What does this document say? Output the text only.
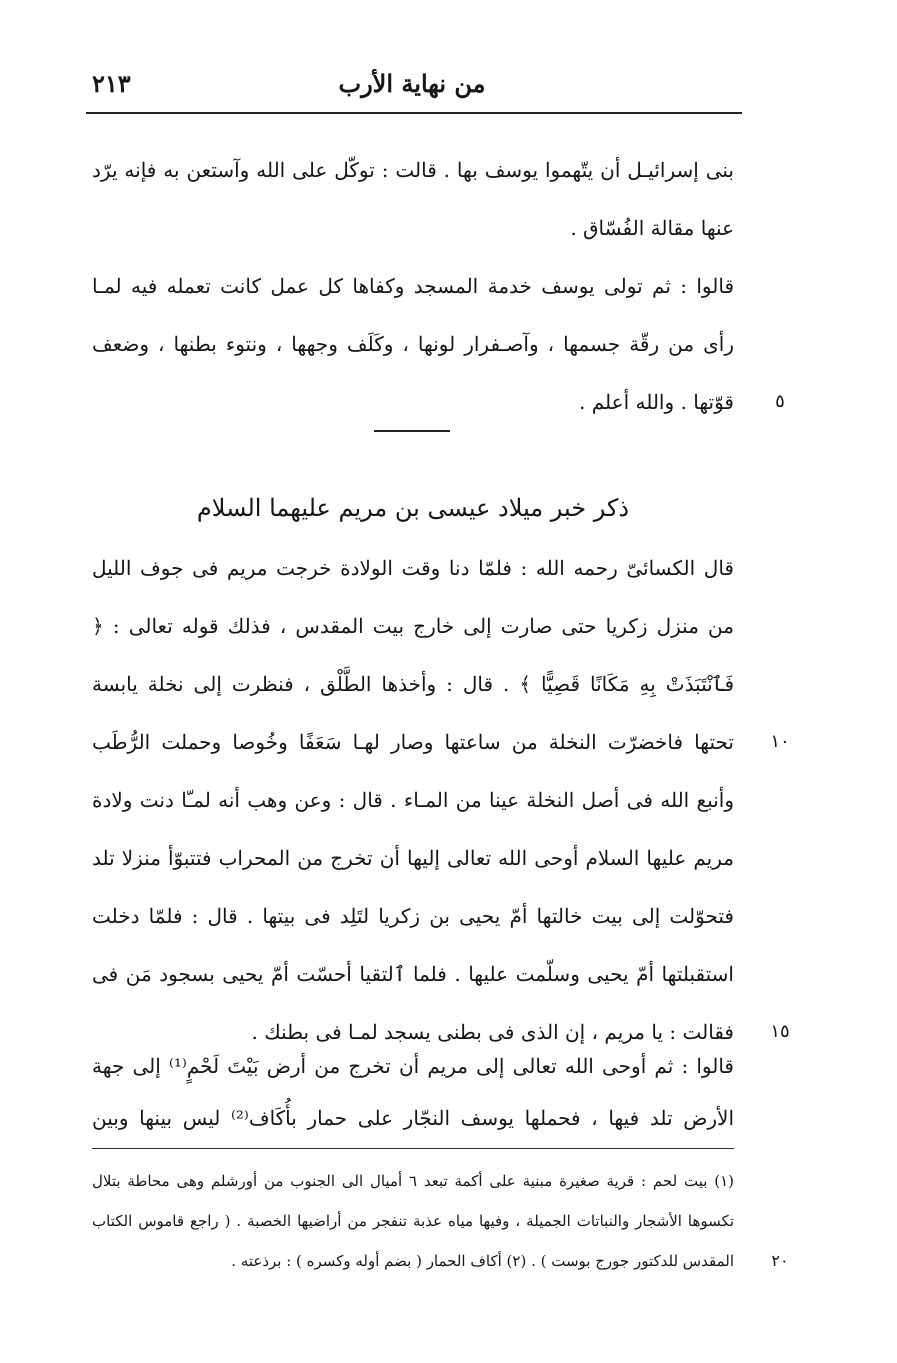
من نهاية الأرب
٢١٣
بنى إسرائيـل أن يتّهموا يوسف بها . قالت : توكّل على الله وآستعن به فإنه يرّد
عنها مقالة الفُسّاق .
قالوا : ثم تولى يوسف خدمة المسجد وكفاها كل عمل كانت تعمله فيه لمـا
رأى من رقّة جسمها ، وآصـفرار لونها ، وكَلَف وجهها ، ونتوء بطنها ، وضعف
قوّتها . والله أعلم .	٥
ذكر خبر ميلاد عيسى بن مريم عليهما السلام
قال الكسائىّ رحمه الله : فلمّا دنا وقت الولادة خرجت مريم فى جوف الليل
من منزل زكريا حتى صارت إلى خارج بيت المقدس ، فذلك قوله تعالى : ﴿
فَٱنْتَبَذَتْ بِهِ مَكَانًا قَصِيًّا ﴾ . قال : وأخذها الطَّلْق ، فنظرت إلى نخلة يابسة
تحتها فاخضرّت النخلة من ساعتها وصار لهـا سَعَفًا وخُوصا وحملت الرُّطَب
وأنبع الله فى أصل النخلة عينا من المـاء . قال : وعن وهب أنه لمـّا دنت ولادة
مريم عليها السلام أوحى الله تعالى إليها أن تخرج من المحراب فتتبوّأ منزلا تلد
فتحوّلت إلى بيت خالتها أمّ يحيى بن زكريا لتَلِد فى بيتها . قال : فلمّا دخلت
استقبلتها أمّ يحيى وسلّمت عليها . فلما ٱلتقيا أحسّت أمّ يحيى بسجود مَن فى
فقالت : يا مريم ، إن الذى فى بطنى يسجد لمـا فى بطنك .
١٠
١٥
قالوا : ثم أوحى الله تعالى إلى مريم أن تخرج من أرض بَيْتَ لَحْمٍ⁽¹⁾ إلى جهة
الأرض تلد فيها ، فحملها يوسف النجّار على حمار بأُكَاف⁽²⁾ ليس بينها وبين
(١) بيت لحم : قرية صغيرة مبنية على أكمة تبعد ٦ أميال الى الجنوب من أورشلم وهى محاطة بتلال
تكسوها الأشجار والنباتات الجميلة ، وفيها مياه عذبة تنفجر من أراضيها الخصبة . ( راجع قاموس الكتاب
المقدس للدكتور جورج بوست ) . (٢) أكاف الحمار ( بضم أوله وكسره ) : برذعته .	٢٠
